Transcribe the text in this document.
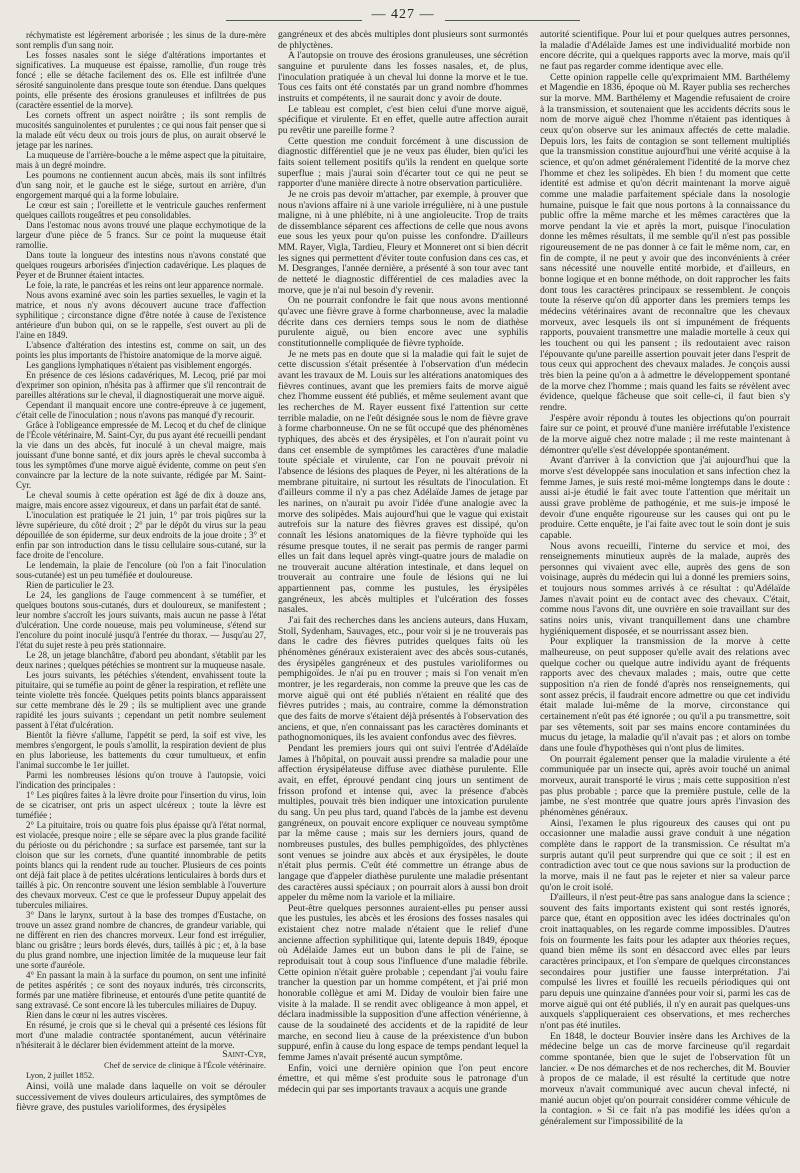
— 427 —

réchymatiste est légèrement arborisée ; les sinus de la dure-mère sont remplis d'un sang noir.

Les fosses nasales sont le siége d'altérations importantes et significatives. La muqueuse est épaisse, ramollie, d'un rouge très foncé ; elle se détache facilement des os. Elle est infiltrée d'une sérosité sanguinolente dans presque toute son étendue. Dans quelques points, elle présente des érosions granuleuses et infiltrées de pus (caractère essentiel de la morve).

Les cornets offrent un aspect noirâtre ; ils sont remplis de mucosités sanguinolentes et purulentes ; ce qui nous fait penser que si la malade eût vécu deux ou trois jours de plus, on aurait observé le jetage par les narines.

La muqueuse de l'arrière-bouche a le même aspect que la pituitaire, mais à un degré moindre.

Les poumons ne contiennent aucun abcès, mais ils sont infiltrés d'un sang noir, et le gauche est le siége, surtout en arrière, d'un engorgement marqué qui a la forme lobulaire.

Le cœur est sain ; l'oreillette et le ventricule gauches renferment quelques caillots rougeâtres et peu consolidables.

Dans l'estomac nous avons trouvé une plaque ecchymotique de la largeur d'une pièce de 5 francs. Sur ce point la muqueuse était ramollie.

Dans toute la longueur des intestins nous n'avons constaté que quelques rougeurs arborisées d'injection cadavérique. Les plaques de Peyer et de Brunner étaient intactes.

Le foie, la rate, le pancréas et les reins ont leur apparence normale.

Nous avons examiné avec soin les parties sexuelles, le vagin et la matrice, et nous n'y avons découvert aucune trace d'affection syphilitique ; circonstance digne d'être notée à cause de l'existence antérieure d'un bubon qui, on se le rappelle, s'est ouvert au pli de l'aine en 1849.

L'absence d'altération des intestins est, comme on sait, un des points les plus importants de l'histoire anatomique de la morve aiguë.

Les ganglions lymphatiques n'étaient pas visiblement engorgés.

En présence de ces lésions cadavériques, M. Lecoq, prié par moi d'exprimer son opinion, n'hésita pas à affirmer que s'il rencontrait de pareilles altérations sur le cheval, il diagnostiquerait une morve aiguë.

Cependant il manquait encore une contre-épreuve à ce jugement, c'était celle de l'inoculation ; nous n'avons pas manqué d'y recourir.

Grâce à l'obligeance empressée de M. Lecoq et du chef de clinique de l'École vétérinaire, M. Saint-Cyr, du pus ayant été recueilli pendant la vie dans un des abcès, fut inoculé à un cheval maigre, mais jouissant d'une bonne santé, et dix jours après le cheval succomba à tous les symptômes d'une morve aiguë évidente, comme on peut s'en convaincre par la lecture de la note suivante, rédigée par M. Saint-Cyr.

Le cheval soumis à cette opération est âgé de dix à douze ans, maigre, mais encore assez vigoureux, et dans un parfait état de santé.

L'inoculation est pratiquée le 21 juin, 1° par trois piqûres sur la lèvre supérieure, du côté droit ; 2° par le dépôt du virus sur la peau dépouillée de son épiderme, sur deux endroits de la joue droite ; 3° et enfin par son introduction dans le tissu cellulaire sous-cutané, sur la face droite de l'encolure.

Le lendemain, la plaie de l'encolure (où l'on a fait l'inoculation sous-cutanée) est un peu tuméfiée et douloureuse.

Rien de particulier le 23.

Le 24, les ganglions de l'auge commencent à se tuméfier, et quelques boutons sous-cutanés, durs et douloureux, se manifestent ; leur nombre s'accroît les jours suivants, mais aucun ne passe à l'état d'ulcération. Une corde noueuse, mais peu volumineuse, s'étend sur l'encolure du point inoculé jusqu'à l'entrée du thorax. — Jusqu'au 27, l'état du sujet reste à peu près stationnaire.

Le 28, un jetage blanchâtre, d'abord peu abondant, s'établit par les deux narines ; quelques pétéchies se montrent sur la muqueuse nasale.

Les jours suivants, les pétéchies s'étendent, envahissent toute la pituitaire, qui se tuméfie au point de gêner la respiration, et reflète une teinte violette très foncée. Quelques petits points blancs apparaissent sur cette membrane dès le 29 ; ils se multiplient avec une grande rapidité les jours suivants ; cependant un petit nombre seulement passent à l'état d'ulcération.

Bientôt la fièvre s'allume, l'appétit se perd, la soif est vive, les membres s'engorgent, le pouls s'amollit, la respiration devient de plus en plus laborieuse, les battements du cœur tumultueux, et enfin l'animal succombe le 1er juillet.

Parmi les nombreuses lésions qu'on trouve à l'autopsie, voici l'indication des principales :

1° Les piqûres faites à la lèvre droite pour l'insertion du virus, loin de se cicatriser, ont pris un aspect ulcéreux ; toute la lèvre est tuméfiée ;

2° La pituitaire, trois ou quatre fois plus épaisse qu'à l'état normal, est violacée, presque noire ; elle se sépare avec la plus grande facilité du périoste ou du périchondre ; sa surface est parsemée, tant sur la cloison que sur les cornets, d'une quantité innombrable de petits points blancs qui la rendent rude au toucher. Plusieurs de ces points ont déjà fait place à de petites ulcérations lenticulaires à bords durs et taillés à pic. On rencontre souvent une lésion semblable à l'ouverture des chevaux morveux. C'est ce que le professeur Dupuy appelait des tubercules miliaires.

3° Dans le larynx, surtout à la base des trompes d'Eustache, on trouve un assez grand nombre de chancres, de grandeur variable, qui ne diffèrent en rien des chancres morveux. Leur fond est irrégulier, blanc ou grisâtre ; leurs bords élevés, durs, taillés à pic ; et, à la base du plus grand nombre, une injection limitée de la muqueuse leur fait une sorte d'auréole.

4° En passant la main à la surface du poumon, on sent une infinité de petites aspérités ; ce sont des noyaux indurés, très circonscrits, formés par une matière fibrineuse, et entourés d'une petite quantité de sang extravasé. Ce sont encore là les tubercules miliaires de Dupuy.

Rien dans le cœur ni les autres viscères.

En résumé, je crois que si le cheval qui a présenté ces lésions fût mort d'une maladie contractée spontanément, aucun vétérinaire n'hésiterait à le déclarer bien évidemment atteint de la morve.

Saint-Cyr,

Chef de service de clinique à l'École vétérinaire.

Lyon, 2 juillet 1852.

Ainsi, voilà une malade dans laquelle on voit se dérouler successivement de vives douleurs articulaires, des symptômes de fièvre grave, des pustules varioliformes, des érysipèles

gangréneux et des abcès multiples dont plusieurs sont surmontés de phlyctènes.

A l'autopsie on trouve des érosions granuleuses, une sécrétion sanguine et purulente dans les fosses nasales, et, de plus, l'inoculation pratiquée à un cheval lui donne la morve et le tue. Tous ces faits ont été constatés par un grand nombre d'hommes instruits et compétents, il ne saurait donc y avoir de doute.

Le tableau est complet, c'est bien celui d'une morve aiguë, spécifique et virulente. Et en effet, quelle autre affection aurait pu revêtir une pareille forme ?

Cette question me conduit forcément à une discussion de diagnostic différentiel que je ne veux pas éluder, bien qu'ici les faits soient tellement positifs qu'ils la rendent en quelque sorte superflue ; mais j'aurai soin d'écarter tout ce qui ne peut se rapporter d'une manière directe à notre observation particulière.

Je ne crois pas devoir m'attacher, par exemple, à prouver que nous n'avions affaire ni à une variole irrégulière, ni à une pustule maligne, ni à une phlébite, ni à une angioleucite. Trop de traits de dissemblance séparent ces affections de celle que nous avons eue sous les yeux pour qu'on puisse les confondre. D'ailleurs MM. Rayer, Vigla, Tardieu, Fleury et Monneret ont si bien décrit les signes qui permettent d'éviter toute confusion dans ces cas, et M. Desgranges, l'année dernière, a présenté à son tour avec tant de netteté le diagnostic différentiel de ces maladies avec la morve, que je n'ai nul besoin d'y revenir.

On ne pourrait confondre le fait que nous avons mentionné qu'avec une fièvre grave à forme charbonneuse, avec la maladie décrite dans ces derniers temps sous le nom de diathèse purulente aiguë, ou bien encore avec une syphilis constitutionnelle compliquée de fièvre typhoïde.

Je ne mets pas en doute que si la maladie qui fait le sujet de cette discussion s'était présentée à l'observation d'un médecin avant les travaux de M. Louis sur les altérations anatomiques des fièvres continues, avant que les premiers faits de morve aiguë chez l'homme eussent été publiés, et même seulement avant que les recherches de M. Rayer eussent fixé l'attention sur cette terrible maladie, on ne l'eût désignée sous le nom de fièvre grave à forme charbonneuse. On ne se fût occupé que des phénomènes typhiques, des abcès et des érysipèles, et l'on n'aurait point vu dans cet ensemble de symptômes les caractères d'une maladie toute spéciale et virulente, car l'on ne pouvait prévoir ni l'absence de lésions des plaques de Peyer, ni les altérations de la membrane pituitaire, ni surtout les résultats de l'inoculation. Et d'ailleurs comme il n'y a pas chez Adélaïde James de jetage par les narines, on n'aurait pu avoir l'idée d'une analogie avec la morve des solipèdes. Mais aujourd'hui que le vague qui existait autrefois sur la nature des fièvres graves est dissipé, qu'on connaît les lésions anatomiques de la fièvre typhoïde qui les résume presque toutes, il ne serait pas permis de ranger parmi elles un fait dans lequel après vingt-quatre jours de maladie on ne trouverait aucune altération intestinale, et dans lequel on trouverait au contraire une foule de lésions qui ne lui appartiennent pas, comme les pustules, les érysipèles gangréneux, les abcès multiples et l'ulcération des fosses nasales.

J'ai fait des recherches dans les anciens auteurs, dans Huxam, Stoll, Sydenham, Sauvages, etc., pour voir si je ne trouverais pas dans le cadre des fièvres putrides quelques faits où les phénomènes généraux existeraient avec des abcès sous-cutanés, des érysipèles gangréneux et des pustules varioliformes ou pemphigoïdes. Je n'ai pu en trouver ; mais si l'on venait m'en montrer, je les regarderais, non comme la preuve que les cas de morve aiguë qui ont été publiés n'étaient en réalité que des fièvres putrides ; mais, au contraire, comme la démonstration que des faits de morve s'étaient déjà présentés à l'observation des anciens, et que, n'en connaissant pas les caractères dominants et pathognomoniques, ils les avaient confondus avec des fièvres.

Pendant les premiers jours qui ont suivi l'entrée d'Adélaïde James à l'hôpital, on pouvait aussi prendre sa maladie pour une affection érysipélateuse diffuse avec diathèse purulente. Elle avait, en effet, éprouvé pendant cinq jours un sentiment de frisson profond et intense qui, avec la présence d'abcès multiples, pouvait très bien indiquer une intoxication purulente du sang. Un peu plus tard, quand l'abcès de la jambe est devenu gangréneux, on pouvait encore expliquer ce nouveau symptôme par la même cause ; mais sur les derniers jours, quand de nombreuses pustules, des bulles pemphigoïdes, des phlyctènes sont venues se joindre aux abcès et aux érysipèles, le doute n'était plus permis. C'eût été commettre un étrange abus de langage que d'appeler diathèse purulente une maladie présentant des caractères aussi spéciaux ; on pourrait alors à aussi bon droit appeler du même nom la variole et la miliaire.

Peut-être quelques personnes auraient-elles pu penser aussi que les pustules, les abcès et les érosions des fosses nasales qui existaient chez notre malade n'étaient que le relief d'une ancienne affection syphilitique qui, latente depuis 1849, époque où Adélaïde James eut un bubon dans le pli de l'aine, se reproduisait tout à coup sous l'influence d'une maladie fébrile. Cette opinion n'était guère probable ; cependant j'ai voulu faire trancher la question par un homme compétent, et j'ai prié mon honorable collègue et ami M. Diday de vouloir bien faire une visite à la malade. Il se rendit avec obligeance à mon appel, et déclara inadmissible la supposition d'une affection vénérienne, à cause de la soudaineté des accidents et de la rapidité de leur marche, en second lieu à cause de la préexistence d'un bubon suppuré, enfin à cause du long espace de temps pendant lequel la femme James n'avait présenté aucun symptôme.

Enfin, voici une dernière opinion que l'on peut encore émettre, et qui même s'est produite sous le patronage d'un médecin qui par ses importants travaux a acquis une grande

autorité scientifique. Pour lui et pour quelques autres personnes, la maladie d'Adélaïde James est une individualité morbide non encore décrite, qui a quelques rapports avec la morve, mais qu'il ne faut pas regarder comme identique avec elle.

Cette opinion rappelle celle qu'exprimaient MM. Barthélemy et Magendie en 1836, époque où M. Rayer publia ses recherches sur la morve. MM. Barthélemy et Magendie refusaient de croire à la transmission, et soutenaient que les accidents décrits sous le nom de morve aiguë chez l'homme n'étaient pas identiques à ceux qu'on observe sur les animaux affectés de cette maladie. Depuis lors, les faits de contagion se sont tellement multipliés que la transmission constitue aujourd'hui une vérité acquise à la science, et qu'on admet généralement l'identité de la morve chez l'homme et chez les solipèdes. Eh bien ! du moment que cette identité est admise et qu'on décrit maintenant la morve aiguë comme une maladie parfaitement spéciale dans la nosologie humaine, puisque le fait que nous portons à la connaissance du public offre la même marche et les mêmes caractères que la morve pendant la vie et après la mort, puisque l'inoculation donne les mêmes résultats, il me semble qu'il n'est pas possible rigoureusement de ne pas donner à ce fait le même nom, car, en fin de compte, il ne peut y avoir que des inconvénients à créer sans nécessité une nouvelle entité morbide, et d'ailleurs, en bonne logique et en bonne méthode, on doit rapprocher les faits dont tous les caractères principaux se ressemblent. Je conçois toute la réserve qu'on dû apporter dans les premiers temps les médecins vétérinaires avant de reconnaître que les chevaux morveux, avec lesquels ils ont si impunément de fréquents rapports, pouvaient transmettre une maladie mortelle à ceux qui les touchent ou qui les pansent ; ils redoutaient avec raison l'épouvante qu'une pareille assertion pouvait jeter dans l'esprit de tous ceux qui approchent des chevaux malades. Je conçois aussi très bien la peine qu'on a à admettre le développement spontané de la morve chez l'homme ; mais quand les faits se révèlent avec évidence, quelque fâcheuse que soit celle-ci, il faut bien s'y rendre.

J'espère avoir répondu à toutes les objections qu'on pourrait faire sur ce point, et prouvé d'une manière irréfutable l'existence de la morve aiguë chez notre malade ; il me reste maintenant à démontrer qu'elle s'est développée spontanément.

Avant d'arriver à la conviction que j'ai aujourd'hui que la morve s'est développée sans inoculation et sans infection chez la femme James, je suis resté moi-même longtemps dans le doute : aussi ai-je étudié le fait avec toute l'attention que méritait un aussi grave problème de pathogénie, et me suis-je imposé le devoir d'une enquête rigoureuse sur les causes qui ont pu le produire. Cette enquête, je l'ai faite avec tout le soin dont je suis capable.

Nous avons recueilli, l'interne du service et moi, des renseignements minutieux auprès de la malade, auprès des personnes qui vivaient avec elle, auprès des gens de son voisinage, auprès du médecin qui lui a donné les premiers soins, et toujours nous sommes arrivés à ce résultat : qu'Adélaïde James n'avait point eu de contact avec des chevaux. C'était, comme nous l'avons dit, une ouvrière en soie travaillant sur des satins noirs unis, vivant tranquillement dans une chambre hygiéniquement disposée, et se nourrissant assez bien.

Pour expliquer la transmission de la morve à cette malheureuse, on peut supposer qu'elle avait des relations avec quelque cocher ou quelque autre individu ayant de fréquents rapports avec des chevaux malades ; mais, outre que cette supposition n'a rien de fondé d'après nos renseignements, qui sont assez précis, il faudrait encore admettre ou que cet individu était malade lui-même de la morve, circonstance qui certainement n'eût pas été ignorée ; ou qu'il a pu transmettre, soit par ses vêtements, soit par ses mains encore contaminées du mucus du jetage, la maladie qu'il n'avait pas ; et alors on tombe dans une foule d'hypothèses qui n'ont plus de limites.

On pourrait également penser que la maladie virulente a été communiquée par un insecte qui, après avoir touché un animal morveux, aurait transporté le virus ; mais cette supposition n'est pas plus probable ; parce que la première pustule, celle de la jambe, ne s'est montrée que quatre jours après l'invasion des phénomènes généraux.

Ainsi, l'examen le plus rigoureux des causes qui ont pu occasionner une maladie aussi grave conduit à une négation complète dans le rapport de la transmission. Ce résultat m'a surpris autant qu'il peut surprendre qui que ce soit ; il est en contradiction avec tout ce que nous savions sur la production de la morve, mais il ne faut pas le rejeter et nier sa valeur parce qu'on le croit isolé.

D'ailleurs, il n'est peut-être pas sans analogue dans la science ; souvent des faits importants existent qui sont restés ignorés, parce que, étant en opposition avec les idées doctrinales qu'on croit inattaquables, on les regarde comme impossibles. D'autres fois on fourmente les faits pour les adapter aux théories reçues, quand bien même ils sont en désaccord avec elles par leurs caractères principaux, et l'on s'empare de quelques circonstances secondaires pour justifier une fausse interprétation. J'ai compulsé les livres et fouillé les recueils périodiques qui ont paru depuis une quinzaine d'années pour voir si, parmi les cas de morve aiguë qui ont été publiés, il n'y en aurait pas quelques-uns auxquels s'appliqueraient ces observations, et mes recherches n'ont pas été inutiles.

En 1848, le docteur Bouvier insère dans les Archives de la médecine belge un cas de morve farcineuse qu'il regardait comme spontanée, bien que le sujet de l'observation fût un lancier. « De nos démarches et de nos recherches, dit M. Bouvier à propos de ce malade, il est résulté la certitude que notre morveux n'avait communiqué avec aucun cheval infecté, ni manié aucun objet qu'on pourrait considérer comme véhicule de la contagion. » Si ce fait n'a pas modifié les idées qu'on a généralement sur l'impossibilité de la
